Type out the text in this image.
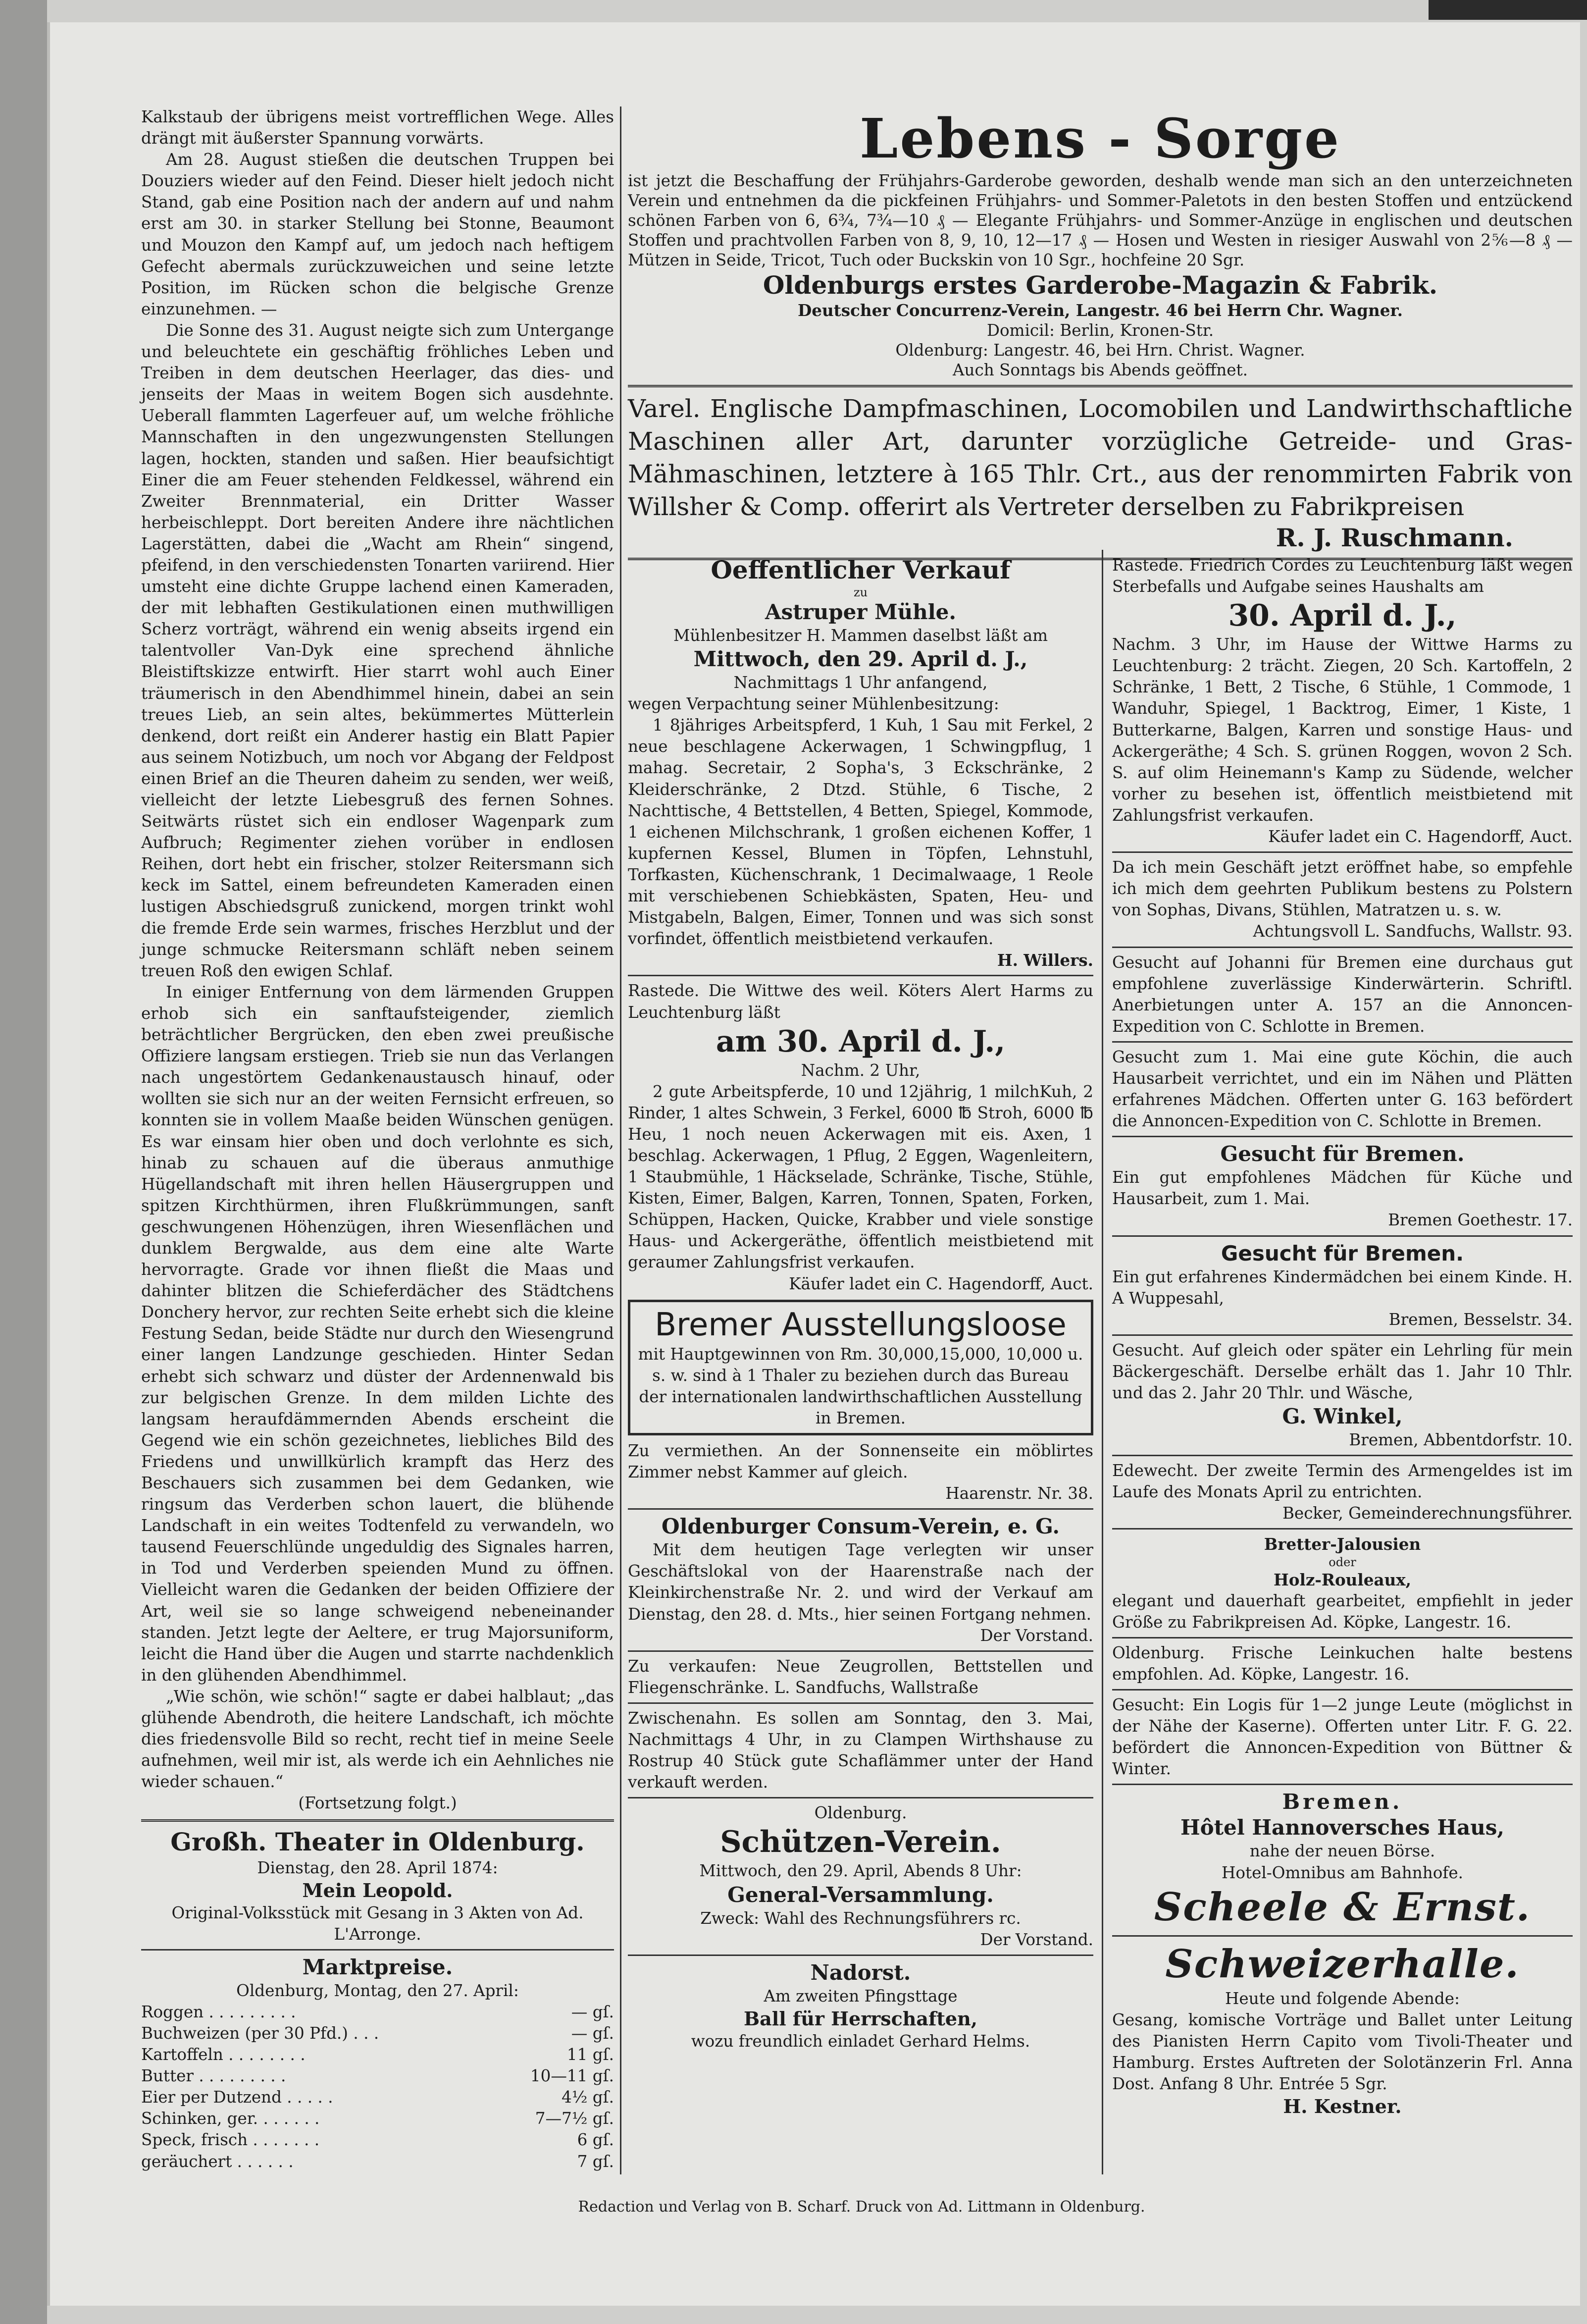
Kalkstaub der übrigens meist vortrefflichen Wege. Alles drängt mit äußerster Spannung vorwärts.

Am 28. August stießen die deutschen Truppen bei Douziers wieder auf den Feind. Dieser hielt jedoch nicht Stand, gab eine Position nach der andern auf und nahm erst am 30. in starker Stellung bei Stonne, Beaumont und Mouzon den Kampf auf, um jedoch nach heftigem Gefecht abermals zurückzuweichen und seine letzte Position, im Rücken schon die belgische Grenze einzunehmen. —

Die Sonne des 31. August neigte sich zum Untergange und beleuchtete ein geschäftig fröhliches Leben und Treiben in dem deutschen Heerlager, das dies- und jenseits der Maas in weitem Bogen sich ausdehnte. Ueberall flammten Lagerfeuer auf, um welche fröhliche Mannschaften in den ungezwungensten Stellungen lagen, hockten, standen und saßen. Hier beaufsichtigt Einer die am Feuer stehenden Feldkessel, während ein Zweiter Brennmaterial, ein Dritter Wasser herbeischleppt. Dort bereiten Andere ihre nächtlichen Lagerstätten, dabei die „Wacht am Rhein“ singend, pfeifend, in den verschiedensten Tonarten variirend. Hier umsteht eine dichte Gruppe lachend einen Kameraden, der mit lebhaften Gestikulationen einen muthwilligen Scherz vorträgt, während ein wenig abseits irgend ein talentvoller Van-Dyk eine sprechend ähnliche Bleistiftskizze entwirft. Hier starrt wohl auch Einer träumerisch in den Abendhimmel hinein, dabei an sein treues Lieb, an sein altes, bekümmertes Mütterlein denkend, dort reißt ein Anderer hastig ein Blatt Papier aus seinem Notizbuch, um noch vor Abgang der Feldpost einen Brief an die Theuren daheim zu senden, wer weiß, vielleicht der letzte Liebesgruß des fernen Sohnes. Seitwärts rüstet sich ein endloser Wagenpark zum Aufbruch; Regimenter ziehen vorüber in endlosen Reihen, dort hebt ein frischer, stolzer Reitersmann sich keck im Sattel, einem befreundeten Kameraden einen lustigen Abschiedsgruß zunickend, morgen trinkt wohl die fremde Erde sein warmes, frisches Herzblut und der junge schmucke Reitersmann schläft neben seinem treuen Roß den ewigen Schlaf.

In einiger Entfernung von dem lärmenden Gruppen erhob sich ein sanftaufsteigender, ziemlich beträchtlicher Bergrücken, den eben zwei preußische Offiziere langsam erstiegen. Trieb sie nun das Verlangen nach ungestörtem Gedankenaustausch hinauf, oder wollten sie sich nur an der weiten Fernsicht erfreuen, so konnten sie in vollem Maaße beiden Wünschen genügen. Es war einsam hier oben und doch verlohnte es sich, hinab zu schauen auf die überaus anmuthige Hügellandschaft mit ihren hellen Häusergruppen und spitzen Kirchthürmen, ihren Flußkrümmungen, sanft geschwungenen Höhenzügen, ihren Wiesenflächen und dunklem Bergwalde, aus dem eine alte Warte hervorragte. Grade vor ihnen fließt die Maas und dahinter blitzen die Schieferdächer des Städtchens Donchery hervor, zur rechten Seite erhebt sich die kleine Festung Sedan, beide Städte nur durch den Wiesengrund einer langen Landzunge geschieden. Hinter Sedan erhebt sich schwarz und düster der Ardennenwald bis zur belgischen Grenze. In dem milden Lichte des langsam heraufdämmernden Abends erscheint die Gegend wie ein schön gezeichnetes, liebliches Bild des Friedens und unwillkürlich krampft das Herz des Beschauers sich zusammen bei dem Gedanken, wie ringsum das Verderben schon lauert, die blühende Landschaft in ein weites Todtenfeld zu verwandeln, wo tausend Feuerschlünde ungeduldig des Signales harren, in Tod und Verderben speienden Mund zu öffnen. Vielleicht waren die Gedanken der beiden Offiziere der Art, weil sie so lange schweigend nebeneinander standen. Jetzt legte der Aeltere, er trug Majorsuniform, leicht die Hand über die Augen und starrte nachdenklich in den glühenden Abendhimmel.

„Wie schön, wie schön!“ sagte er dabei halblaut; „das glühende Abendroth, die heitere Landschaft, ich möchte dies friedensvolle Bild so recht, recht tief in meine Seele aufnehmen, weil mir ist, als werde ich ein Aehnliches nie wieder schauen.“

(Fortsetzung folgt.)

Großh. Theater in Oldenburg.

Dienstag, den 28. April 1874:

Mein Leopold.

Original-Volksstück mit Gesang in 3 Akten von Ad. L'Arronge.

Marktpreise.

Oldenburg, Montag, den 27. April:

Roggen . . . . . . . . .	— gſ.
Buchweizen (per 30 Pfd.) . . .	— gſ.
Kartoffeln . . . . . . . .	11 gſ.
Butter . . . . . . . . .	10—11 gſ.
Eier per Dutzend . . . . .	4½ gſ.
Schinken, ger. . . . . . .	7—7½ gſ.
Speck, frisch . . . . . . .	6 gſ.
geräuchert . . . . . .	7 gſ.

Lebens - Sorge

ist jetzt die Beschaffung der Frühjahrs-Garderobe geworden, deshalb wende man sich an den unterzeichneten Verein und entnehmen da die pickfeinen Frühjahrs- und Sommer-Paletots in den besten Stoffen und entzückend schönen Farben von 6, 6¾, 7¾—10 ₰ — Elegante Frühjahrs- und Sommer-Anzüge in englischen und deutschen Stoffen und prachtvollen Farben von 8, 9, 10, 12—17 ₰ — Hosen und Westen in riesiger Auswahl von 2⅚—8 ₰ — Mützen in Seide, Tricot, Tuch oder Buckskin von 10 Sgr., hochfeine 20 Sgr.

Oldenburgs erstes Garderobe-Magazin & Fabrik.

Deutscher Concurrenz-Verein, Langestr. 46 bei Herrn Chr. Wagner.

Domicil: Berlin, Kronen-Str.

Oldenburg: Langestr. 46, bei Hrn. Christ. Wagner.

Auch Sonntags bis Abends geöffnet.

Varel. Englische Dampfmaschinen, Locomobilen und Landwirthschaftliche Maschinen aller Art, darunter vorzügliche Getreide- und Gras-Mähmaschinen, letztere à 165 Thlr. Crt., aus der renommirten Fabrik von Willsher & Comp. offerirt als Vertreter derselben zu Fabrikpreisen

R. J. Ruschmann.

Oeffentlicher Verkauf

zu

Astruper Mühle.

Mühlenbesitzer H. Mammen daselbst läßt am

Mittwoch, den 29. April d. J.,

Nachmittags 1 Uhr anfangend,

wegen Verpachtung seiner Mühlenbesitzung:

1 8jähriges Arbeitspferd, 1 Kuh, 1 Sau mit Ferkel, 2 neue beschlagene Ackerwagen, 1 Schwingpflug, 1 mahag. Secretair, 2 Sopha's, 3 Eckschränke, 2 Kleiderschränke, 2 Dtzd. Stühle, 6 Tische, 2 Nachttische, 4 Bettstellen, 4 Betten, Spiegel, Kommode, 1 eichenen Milchschrank, 1 großen eichenen Koffer, 1 kupfernen Kessel, Blumen in Töpfen, Lehnstuhl, Torfkasten, Küchenschrank, 1 Decimalwaage, 1 Reole mit verschiebenen Schiebkästen, Spaten, Heu- und Mistgabeln, Balgen, Eimer, Tonnen und was sich sonst vorfindet, öffentlich meistbietend verkaufen.

H. Willers.

Rastede. Die Wittwe des weil. Köters Alert Harms zu Leuchtenburg läßt

am 30. April d. J.,

Nachm. 2 Uhr,

2 gute Arbeitspferde, 10 und 12jährig, 1 milchKuh, 2 Rinder, 1 altes Schwein, 3 Ferkel, 6000 ℔ Stroh, 6000 ℔ Heu, 1 noch neuen Ackerwagen mit eis. Axen, 1 beschlag. Ackerwagen, 1 Pflug, 2 Eggen, Wagenleitern, 1 Staubmühle, 1 Häckselade, Schränke, Tische, Stühle, Kisten, Eimer, Balgen, Karren, Tonnen, Spaten, Forken, Schüppen, Hacken, Quicke, Krabber und viele sonstige Haus- und Ackergeräthe, öffentlich meistbietend mit geraumer Zahlungsfrist verkaufen.

Käufer ladet ein C. Hagendorff, Auct.

Bremer Ausstellungsloose

mit Hauptgewinnen von Rm. 30,000,15,000, 10,000 u. s. w. sind à 1 Thaler zu beziehen durch das Bureau der internationalen landwirthschaftlichen Ausstellung in Bremen.

Zu vermiethen. An der Sonnenseite ein möblirtes Zimmer nebst Kammer auf gleich.

Haarenstr. Nr. 38.

Oldenburger Consum-Verein, e. G.

Mit dem heutigen Tage verlegten wir unser Geschäftslokal von der Haarenstraße nach der Kleinkirchenstraße Nr. 2. und wird der Verkauf am Dienstag, den 28. d. Mts., hier seinen Fortgang nehmen.

Der Vorstand.

Zu verkaufen: Neue Zeugrollen, Bettstellen und Fliegenschränke. L. Sandfuchs, Wallstraße

Zwischenahn. Es sollen am Sonntag, den 3. Mai, Nachmittags 4 Uhr, in zu Clampen Wirthshause zu Rostrup 40 Stück gute Schaflämmer unter der Hand verkauft werden.

Oldenburg.

Schützen-Verein.

Mittwoch, den 29. April, Abends 8 Uhr:

General-Versammlung.

Zweck: Wahl des Rechnungsführers rc.

Der Vorstand.

Nadorst.

Am zweiten Pfingsttage

Ball für Herrschaften,

wozu freundlich einladet Gerhard Helms.

Rastede. Friedrich Cordes zu Leuchtenburg läßt wegen Sterbefalls und Aufgabe seines Haushalts am

30. April d. J.,

Nachm. 3 Uhr, im Hause der Wittwe Harms zu Leuchtenburg: 2 trächt. Ziegen, 20 Sch. Kartoffeln, 2 Schränke, 1 Bett, 2 Tische, 6 Stühle, 1 Commode, 1 Wanduhr, Spiegel, 1 Backtrog, Eimer, 1 Kiste, 1 Butterkarne, Balgen, Karren und sonstige Haus- und Ackergeräthe; 4 Sch. S. grünen Roggen, wovon 2 Sch. S. auf olim Heinemann's Kamp zu Südende, welcher vorher zu besehen ist, öffentlich meistbietend mit Zahlungsfrist verkaufen.

Käufer ladet ein C. Hagendorff, Auct.

Da ich mein Geschäft jetzt eröffnet habe, so empfehle ich mich dem geehrten Publikum bestens zu Polstern von Sophas, Divans, Stühlen, Matratzen u. s. w.

Achtungsvoll L. Sandfuchs, Wallstr. 93.

Gesucht auf Johanni für Bremen eine durchaus gut empfohlene zuverlässige Kinderwärterin. Schriftl. Anerbietungen unter A. 157 an die Annoncen-Expedition von C. Schlotte in Bremen.

Gesucht zum 1. Mai eine gute Köchin, die auch Hausarbeit verrichtet, und ein im Nähen und Plätten erfahrenes Mädchen. Offerten unter G. 163 befördert die Annoncen-Expedition von C. Schlotte in Bremen.

Gesucht für Bremen.

Ein gut empfohlenes Mädchen für Küche und Hausarbeit, zum 1. Mai.

Bremen Goethestr. 17.

Gesucht für Bremen.

Ein gut erfahrenes Kindermädchen bei einem Kinde. H. A Wuppesahl,

Bremen, Besselstr. 34.

Gesucht. Auf gleich oder später ein Lehrling für mein Bäckergeschäft. Derselbe erhält das 1. Jahr 10 Thlr. und das 2. Jahr 20 Thlr. und Wäsche,

G. Winkel,

Bremen, Abbentdorfstr. 10.

Edewecht. Der zweite Termin des Armengeldes ist im Laufe des Monats April zu entrichten.

Becker, Gemeinderechnungsführer.

Bretter-Jalousien

oder

Holz-Rouleaux,

elegant und dauerhaft gearbeitet, empfiehlt in jeder Größe zu Fabrikpreisen Ad. Köpke, Langestr. 16.

Oldenburg. Frische Leinkuchen halte bestens empfohlen. Ad. Köpke, Langestr. 16.

Gesucht: Ein Logis für 1—2 junge Leute (möglichst in der Nähe der Kaserne). Offerten unter Litr. F. G. 22. befördert die Annoncen-Expedition von Büttner & Winter.

Bremen.

Hôtel Hannoversches Haus,

nahe der neuen Börse.

Hotel-Omnibus am Bahnhofe.

Scheele & Ernst.

Schweizerhalle.

Heute und folgende Abende:

Gesang, komische Vorträge und Ballet unter Leitung des Pianisten Herrn Capito vom Tivoli-Theater und Hamburg. Erstes Auftreten der Solotänzerin Frl. Anna Dost. Anfang 8 Uhr. Entrée 5 Sgr.

H. Kestner.

Redaction und Verlag von B. Scharf. Druck von Ad. Littmann in Oldenburg.
